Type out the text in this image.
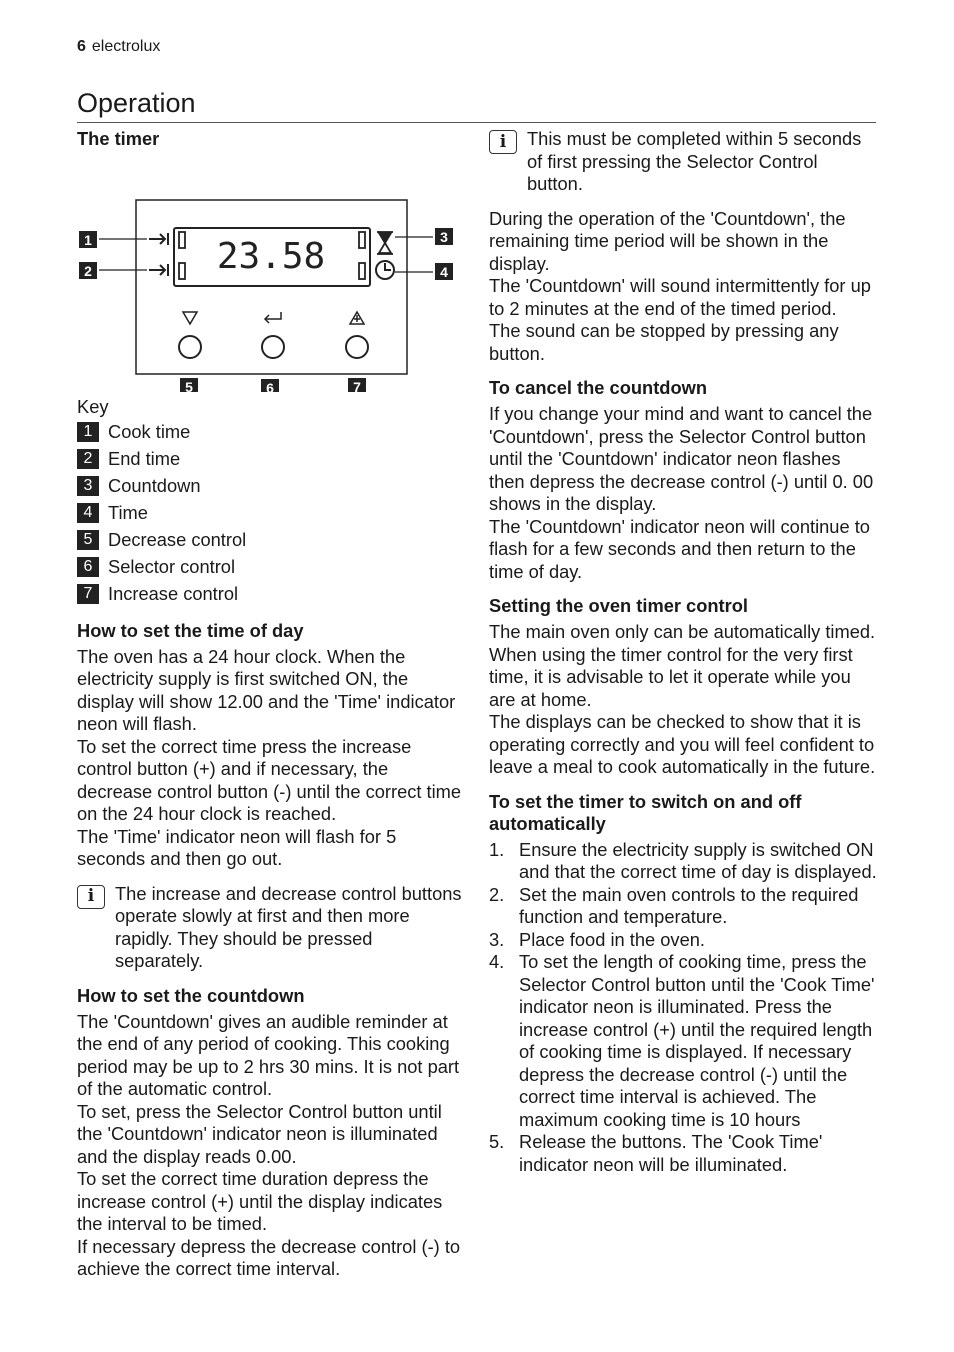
6 electrolux
Operation
The timer
23.58
1
2
3
4
5	6	7

Key

1 Cook time
2 End time
3 Countdown
4 Time
5 Decrease control
6 Selector control
7 Increase control
How to set the time of day

The oven has a 24 hour clock. When the electricity supply is first switched ON, the display will show 12.00 and the 'Time' indicator neon will flash.

To set the correct time press the increase control button (+) and if necessary, the decrease control button (-) until the correct time on the 24 hour clock is reached.

The 'Time' indicator neon will flash for 5 seconds and then go out.

i	The increase and decrease control buttons operate slowly at first and then more rapidly. They should be pressed separately.

How to set the countdown

The 'Countdown' gives an audible reminder at the end of any period of cooking. This cooking period may be up to 2 hrs 30 mins. It is not part of the automatic control.

To set, press the Selector Control button until the 'Countdown' indicator neon is illuminated and the display reads 0.00.

To set the correct time duration depress the increase control (+) until the display indicates the interval to be timed.

If necessary depress the decrease control (-) to achieve the correct time interval.

i	This must be completed within 5 seconds of first pressing the Selector Control button.

During the operation of the 'Countdown', the remaining time period will be shown in the display.

The 'Countdown' will sound intermittently for up to 2 minutes at the end of the timed period.

The sound can be stopped by pressing any button.

To cancel the countdown

If you change your mind and want to cancel the 'Countdown', press the Selector Control button until the 'Countdown' indicator neon flashes then depress the decrease control (-) until 0. 00 shows in the display.

The 'Countdown' indicator neon will continue to flash for a few seconds and then return to the time of day.

Setting the oven timer control

The main oven only can be automatically timed.

When using the timer control for the very first time, it is advisable to let it operate while you are at home.

The displays can be checked to show that it is operating correctly and you will feel confident to leave a meal to cook automatically in the future.

To set the timer to switch on and off automatically
1. Ensure the electricity supply is switched ON and that the correct time of day is displayed.
2. Set the main oven controls to the required function and temperature.
3. Place food in the oven.
4. To set the length of cooking time, press the Selector Control button until the 'Cook Time' indicator neon is illuminated. Press the increase control (+) until the required length of cooking time is displayed. If necessary depress the decrease control (-) until the correct time interval is achieved. The maximum cooking time is 10 hours
5. Release the buttons. The 'Cook Time' indicator neon will be illuminated.
